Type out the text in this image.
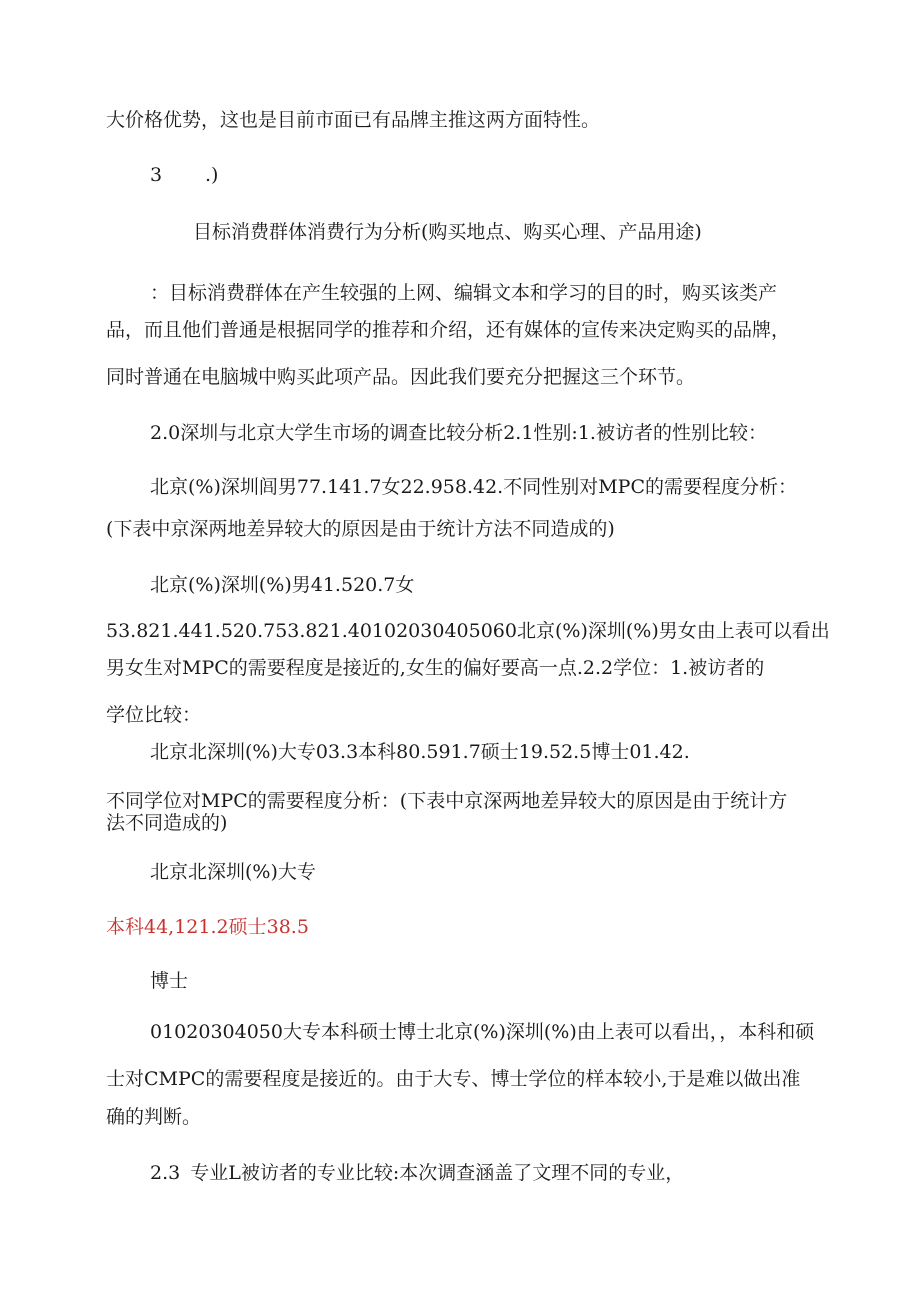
大价格优势，这也是目前市面已有品牌主推这两方面特性。

3 .)

目标消费群体消费行为分析(购买地点、购买心理、产品用途)

：目标消费群体在产生较强的上网、编辑文本和学习的目的时，购买该类产

品，而且他们普通是根据同学的推荐和介绍，还有媒体的宣传来决定购买的品牌，

同时普通在电脑城中购买此项产品。因此我们要充分把握这三个环节。

2.0深圳与北京大学生市场的调查比较分析2.1性别:1.被访者的性别比较：

北京(%)深圳闾男77.141.7女22.958.42.不同性别对MPC的需要程度分析：

(下表中京深两地差异较大的原因是由于统计方法不同造成的)

北京(%)深圳(%)男41.520.7女

53.821.441.520.753.821.40102030405060北京(%)深圳(%)男女由上表可以看出

男女生对MPC的需要程度是接近的,女生的偏好要高一点.2.2学位：1.被访者的

学位比较：

北京北深圳(%)大专03.3本科80.591.7硕士19.52.5博士01.42.

不同学位对MPC的需要程度分析：(下表中京深两地差异较大的原因是由于统计方

法不同造成的)

北京北深圳(%)大专

本科44,121.2硕士38.5

博士

01020304050大专本科硕士博士北京(%)深圳(%)由上表可以看出，，本科和硕

士对CMPC的需要程度是接近的。由于大专、博士学位的样本较小,于是难以做出准

确的判断。

2.3 专业L被访者的专业比较:本次调查涵盖了文理不同的专业，
